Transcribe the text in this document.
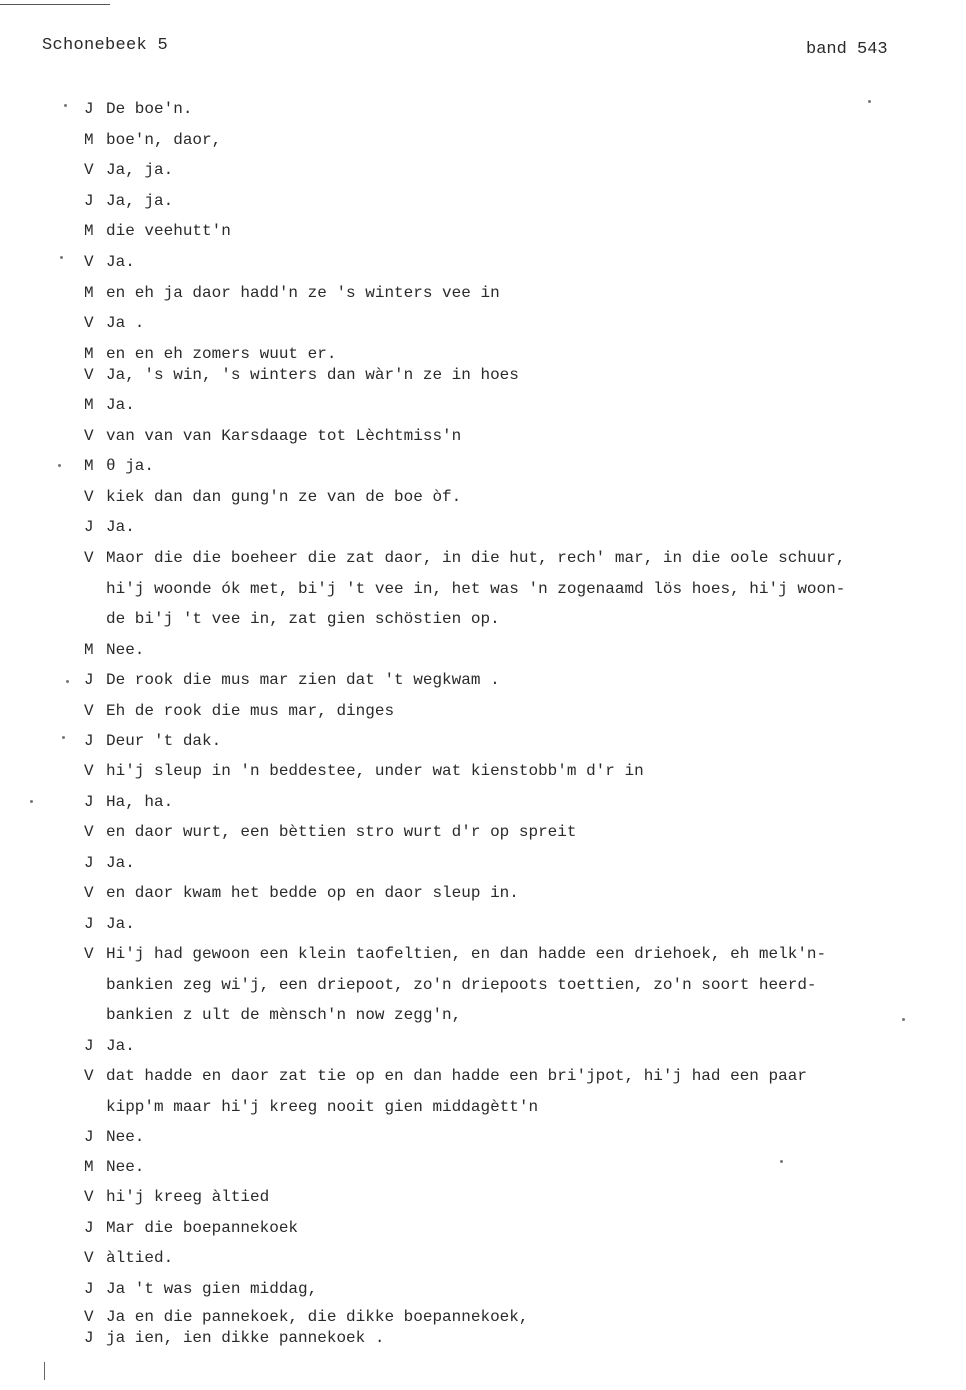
Schonebeek 5	band 543
J De boe'n.
M boe'n, daor,
V Ja, ja.
J Ja, ja.
M die veehutt'n
V Ja.
M en eh ja daor hadd'n ze 's winters vee in
V Ja .
M en en eh zomers wuut er.
V Ja, 's win, 's winters dan wàr'n ze in hoes
M Ja.
V van van van Karsdaage tot Lèchtmiss'n
M θ ja.
V kiek dan dan gung'n ze van de boe òf.
J Ja.
V Maor die die boeheer die zat daor, in die hut, rech' mar, in die oole schuur,
hi'j woonde ók met, bi'j 't vee in, het was 'n zogenaamd lös hoes, hi'j woon-
de bi'j 't vee in, zat gien schöstien op.
M Nee.
J De rook die mus mar zien dat 't wegkwam .
V Eh de rook die mus mar, dinges
J Deur 't dak.
V hi'j sleup in 'n beddestee, under wat kienstobb'm d'r in
J Ha, ha.
V en daor wurt, een bèttien stro wurt d'r op spreit
J Ja.
V en daor kwam het bedde op en daor sleup in.
J Ja.
V Hi'j had gewoon een klein taofeltien, en dan hadde een driehoek, eh melk'n-
bankien zeg wi'j, een driepoot, zo'n driepoots toettien, zo'n soort heerd-
bankien z ult de mènsch'n now zegg'n,
J Ja.
V dat hadde en daor zat tie op en dan hadde een bri'jpot, hi'j had een paar
kipp'm maar hi'j kreeg nooit gien middagètt'n
J Nee.
M Nee.
V hi'j kreeg àltied
J Mar die boepannekoek
V àltied.
J Ja 't was gien middag,
V Ja en die pannekoek, die dikke boepannekoek,
J ja ien, ien dikke pannekoek .
